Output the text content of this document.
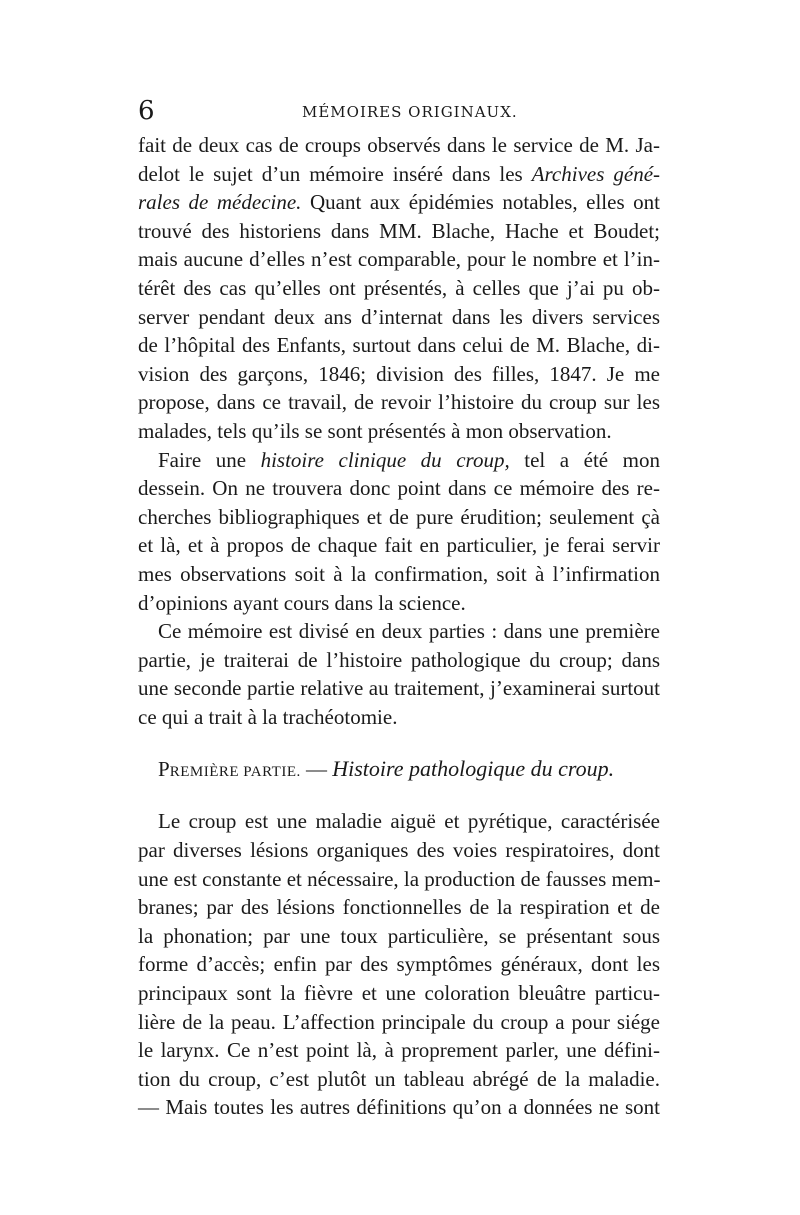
6	MÉMOIRES ORIGINAUX.
fait de deux cas de croups observés dans le service de M. Ja-
delot le sujet d’un mémoire inséré dans les Archives géné-
rales de médecine. Quant aux épidémies notables, elles ont
trouvé des historiens dans MM. Blache, Hache et Boudet;
mais aucune d’elles n’est comparable, pour le nombre et l’in-
térêt des cas qu’elles ont présentés, à celles que j’ai pu ob-
server pendant deux ans d’internat dans les divers services
de l’hôpital des Enfants, surtout dans celui de M. Blache, di-
vision des garçons, 1846; division des filles, 1847. Je me
propose, dans ce travail, de revoir l’histoire du croup sur les
malades, tels qu’ils se sont présentés à mon observation.
Faire une histoire clinique du croup, tel a été mon
dessein. On ne trouvera donc point dans ce mémoire des re-
cherches bibliographiques et de pure érudition; seulement çà
et là, et à propos de chaque fait en particulier, je ferai servir
mes observations soit à la confirmation, soit à l’infirmation
d’opinions ayant cours dans la science.
Ce mémoire est divisé en deux parties : dans une première
partie, je traiterai de l’histoire pathologique du croup; dans
une seconde partie relative au traitement, j’examinerai surtout
ce qui a trait à la trachéotomie.
PREMIÈRE PARTIE. — Histoire pathologique du croup.
Le croup est une maladie aiguë et pyrétique, caractérisée
par diverses lésions organiques des voies respiratoires, dont
une est constante et nécessaire, la production de fausses mem-
branes; par des lésions fonctionnelles de la respiration et de
la phonation; par une toux particulière, se présentant sous
forme d’accès; enfin par des symptômes généraux, dont les
principaux sont la fièvre et une coloration bleuâtre particu-
lière de la peau. L’affection principale du croup a pour siége
le larynx. Ce n’est point là, à proprement parler, une défini-
tion du croup, c’est plutôt un tableau abrégé de la maladie.
— Mais toutes les autres définitions qu’on a données ne sont
